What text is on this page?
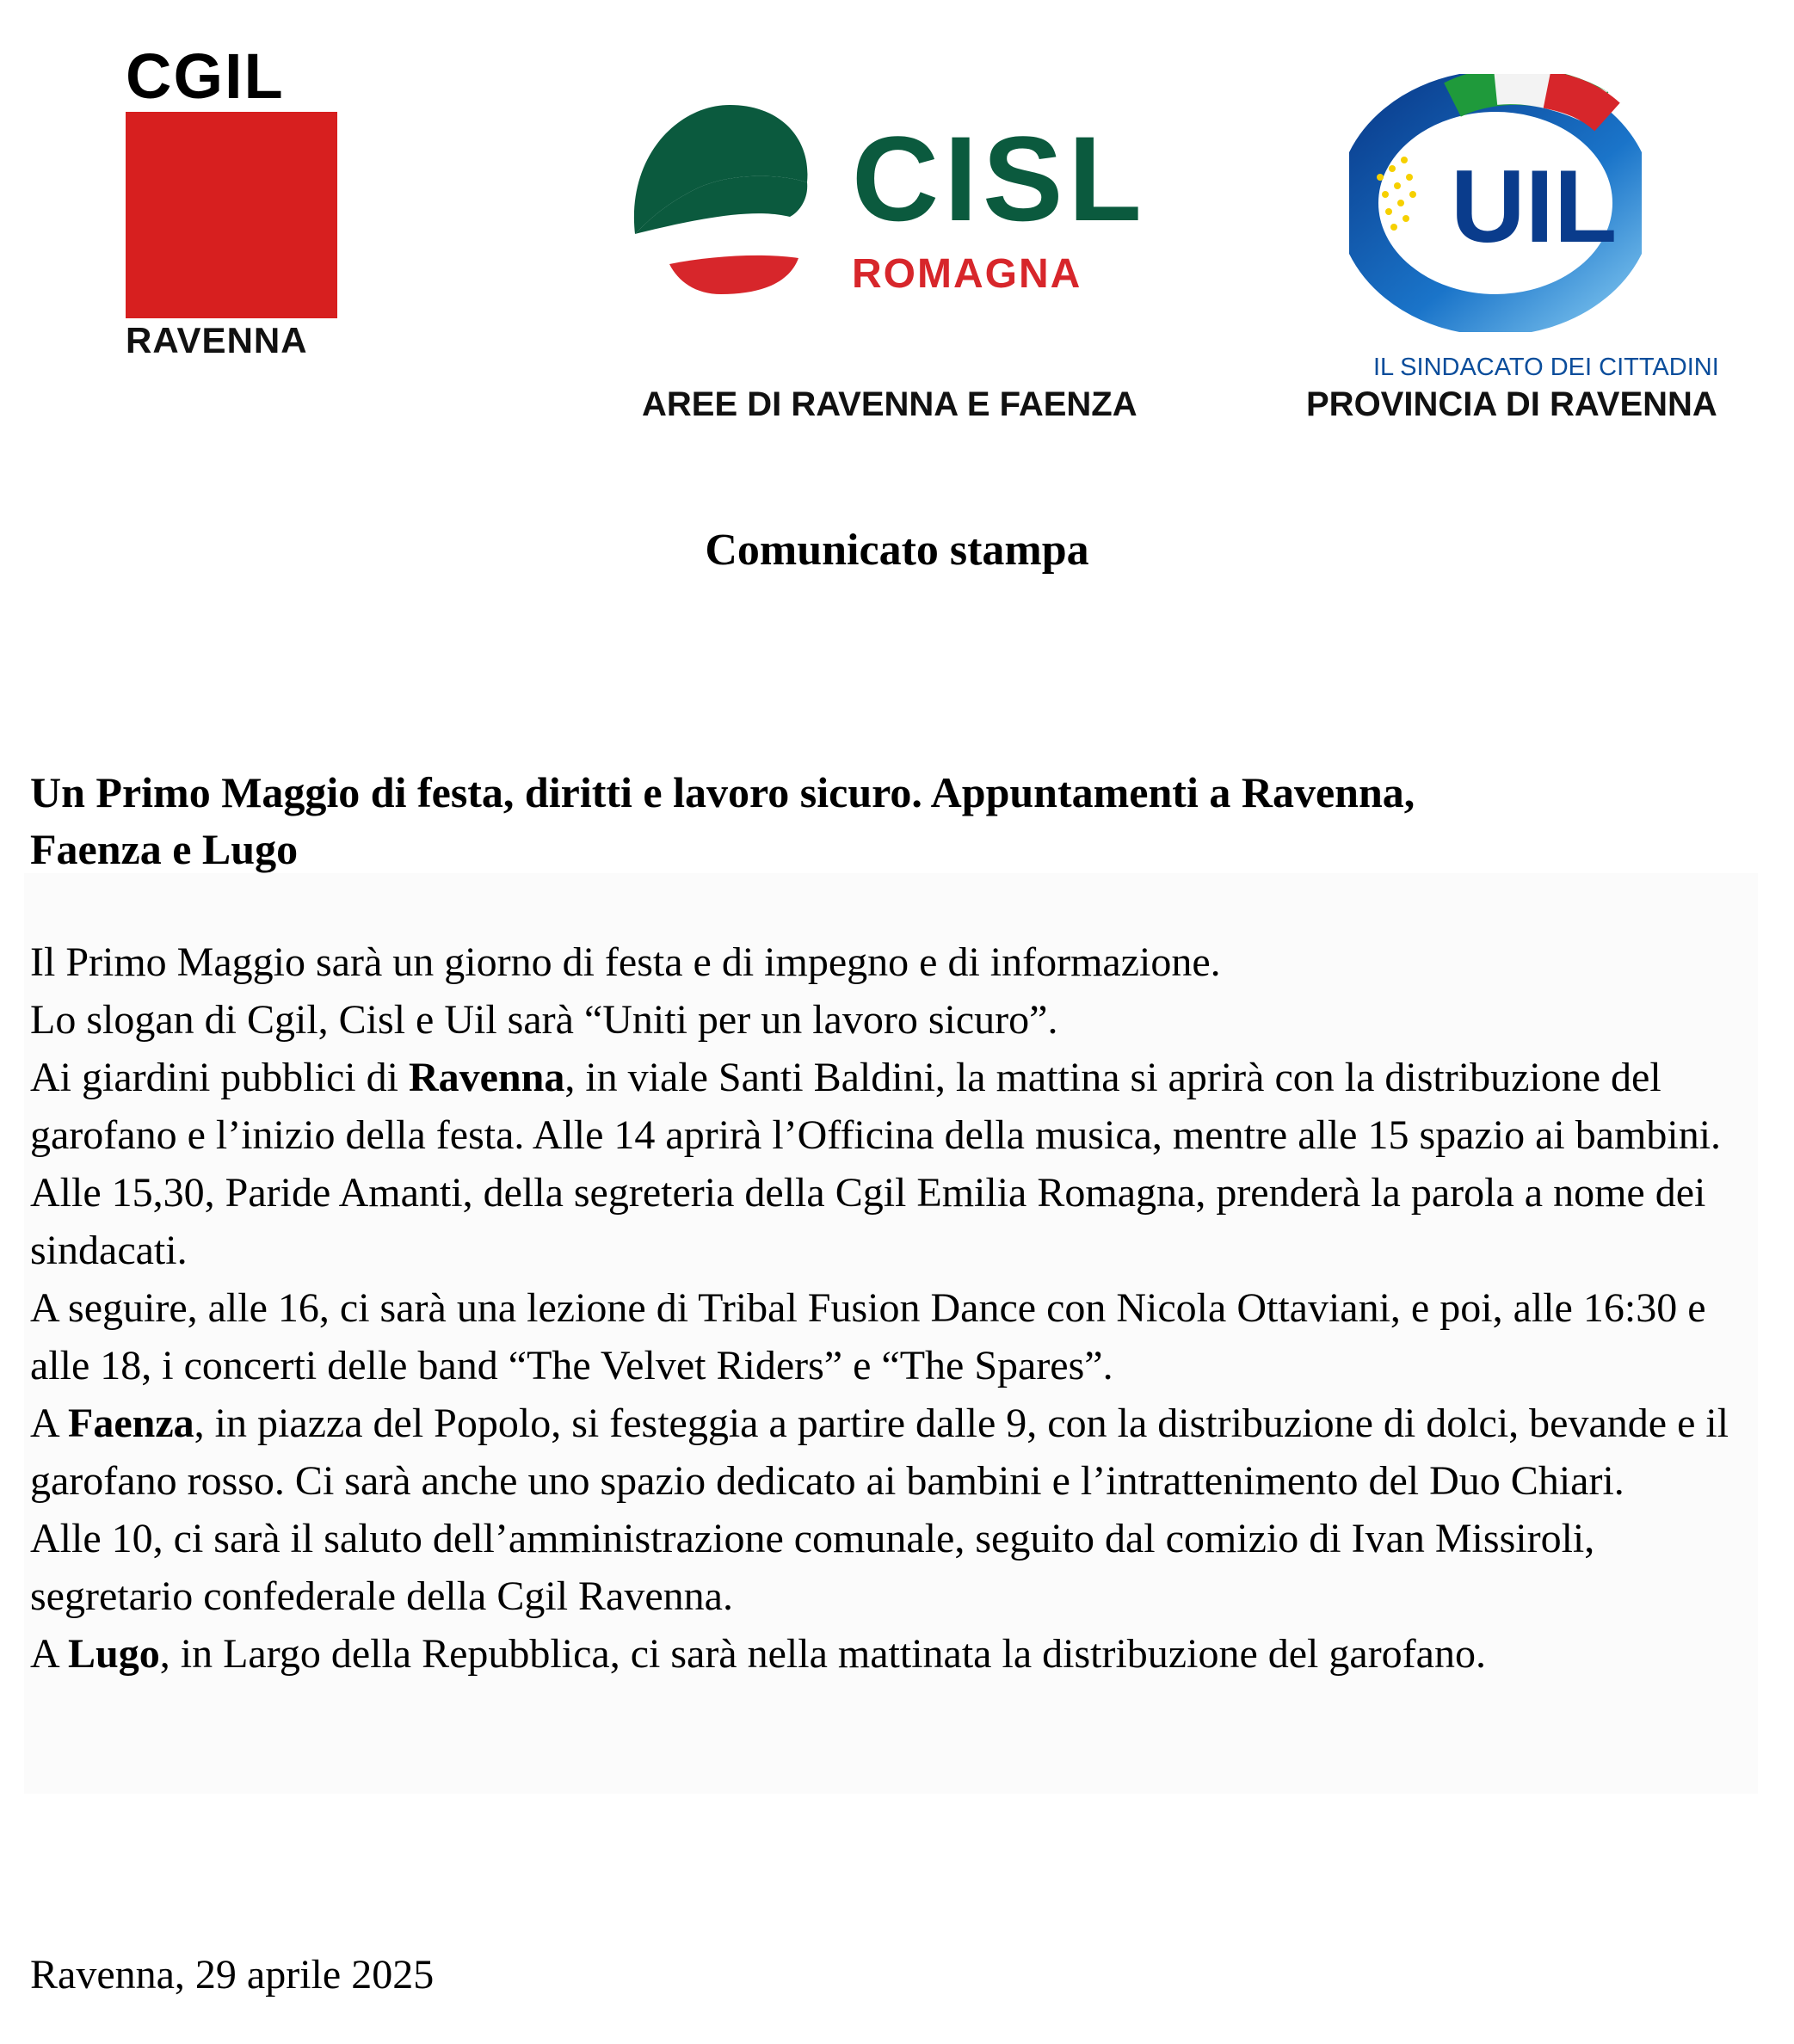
CGIL
RAVENNA
CISL
ROMAGNA
UIL
IL SINDACATO DEI CITTADINI
AREE DI RAVENNA E FAENZA	PROVINCIA DI RAVENNA
Comunicato stampa
Un Primo Maggio di festa, diritti e lavoro sicuro. Appuntamenti a Ravenna,
Faenza e Lugo

Il Primo Maggio sarà un giorno di festa e di impegno e di informazione.

Lo slogan di Cgil, Cisl e Uil sarà “Uniti per un lavoro sicuro”.

Ai giardini pubblici di Ravenna, in viale Santi Baldini, la mattina si aprirà con la distribuzione del garofano e l’inizio della festa. Alle 14 aprirà l’Officina della musica, mentre alle 15 spazio ai bambini. Alle 15,30, Paride Amanti, della segreteria della Cgil Emilia Romagna, prenderà la parola a nome dei sindacati.

A seguire, alle 16, ci sarà una lezione di Tribal Fusion Dance con Nicola Ottaviani, e poi, alle 16:30 e alle 18, i concerti delle band “The Velvet Riders” e “The Spares”.

A Faenza, in piazza del Popolo, si festeggia a partire dalle 9, con la distribuzione di dolci, bevande e il garofano rosso. Ci sarà anche uno spazio dedicato ai bambini e l’intrattenimento del Duo Chiari.

Alle 10, ci sarà il saluto dell’amministrazione comunale, seguito dal comizio di Ivan Missiroli, segretario confederale della Cgil Ravenna.

A Lugo, in Largo della Repubblica, ci sarà nella mattinata la distribuzione del garofano.

Ravenna, 29 aprile 2025
